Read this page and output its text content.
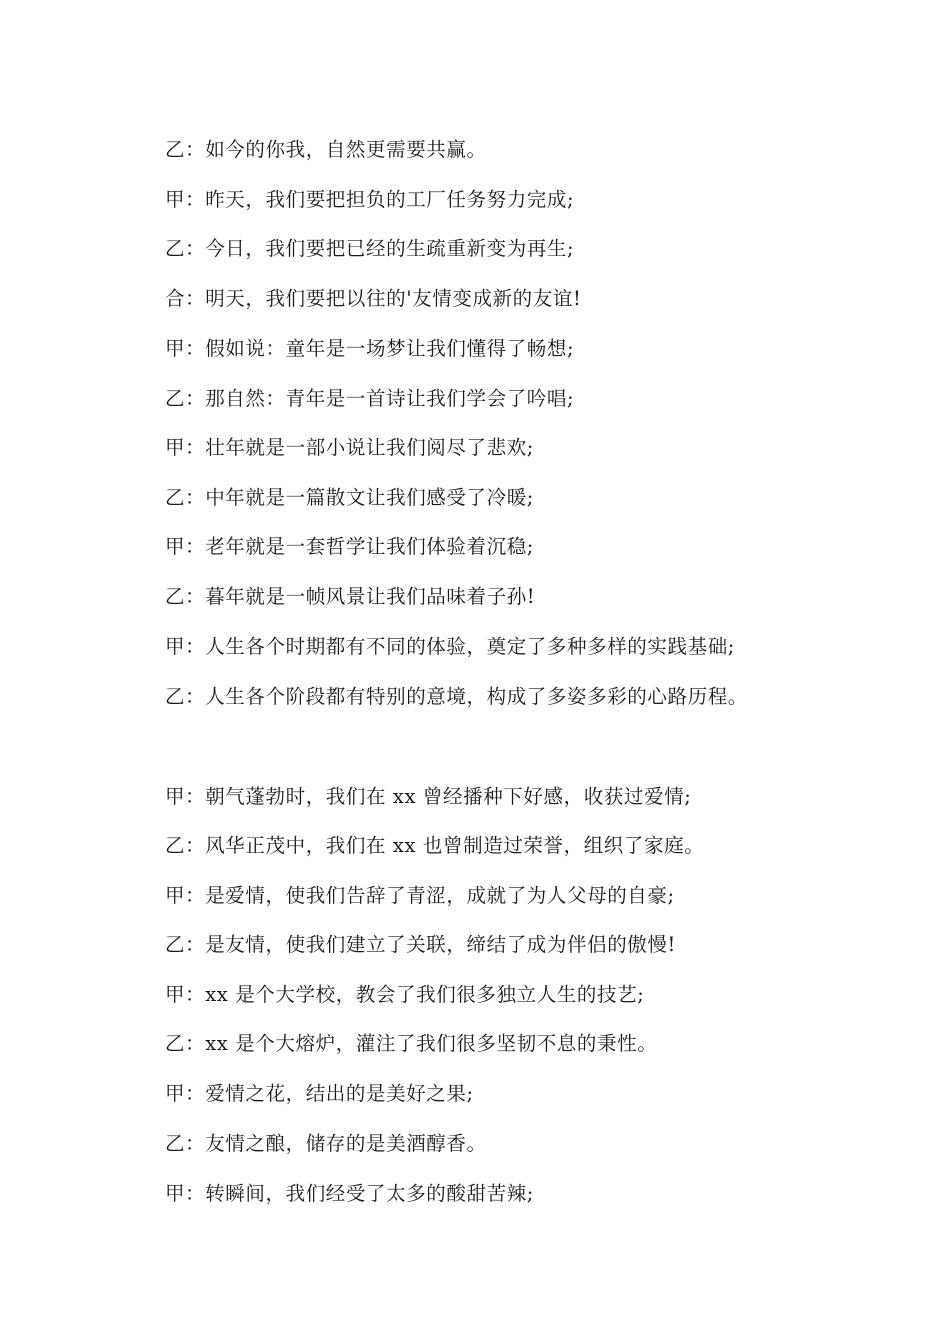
乙：如今的你我，自然更需要共赢。

甲：昨天，我们要把担负的工厂任务努力完成;

乙：今日，我们要把已经的生疏重新变为再生;

合：明天，我们要把以往的'友情变成新的友谊!

甲：假如说：童年是一场梦让我们懂得了畅想;

乙：那自然：青年是一首诗让我们学会了吟唱;

甲：壮年就是一部小说让我们阅尽了悲欢;

乙：中年就是一篇散文让我们感受了冷暖;

甲：老年就是一套哲学让我们体验着沉稳;

乙：暮年就是一帧风景让我们品味着子孙!

甲：人生各个时期都有不同的体验，奠定了多种多样的实践基础;

乙：人生各个阶段都有特别的意境，构成了多姿多彩的心路历程。

甲：朝气蓬勃时，我们在 xx 曾经播种下好感，收获过爱情;

乙：风华正茂中，我们在 xx 也曾制造过荣誉，组织了家庭。

甲：是爱情，使我们告辞了青涩，成就了为人父母的自豪;

乙：是友情，使我们建立了关联，缔结了成为伴侣的傲慢!

甲：xx 是个大学校，教会了我们很多独立人生的技艺;

乙：xx 是个大熔炉，灌注了我们很多坚韧不息的秉性。

甲：爱情之花，结出的是美好之果;

乙：友情之酿，储存的是美酒醇香。

甲：转瞬间，我们经受了太多的酸甜苦辣;
